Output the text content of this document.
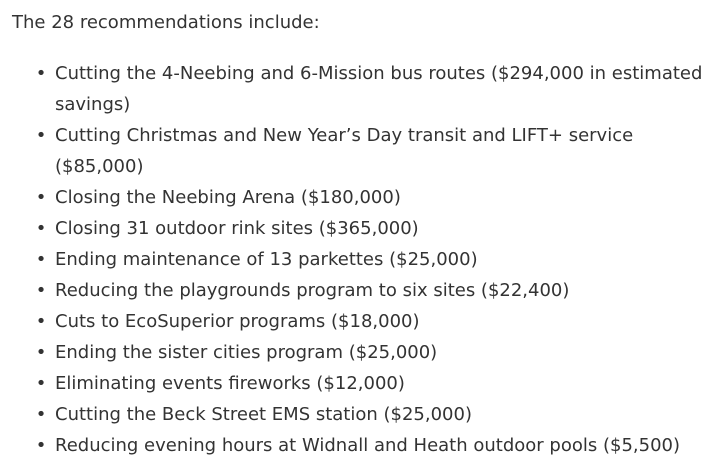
The 28 recommendations include:

•
Cutting the 4-Neebing and 6-Mission bus routes ($294,000 in estimated savings)
•
Cutting Christmas and New Year’s Day transit and LIFT+ service ($85,000)
•
Closing the Neebing Arena ($180,000)
•
Closing 31 outdoor rink sites ($365,000)
•
Ending maintenance of 13 parkettes ($25,000)
•
Reducing the playgrounds program to six sites ($22,400)
•
Cuts to EcoSuperior programs ($18,000)
•
Ending the sister cities program ($25,000)
•
Eliminating events fireworks ($12,000)
•
Cutting the Beck Street EMS station ($25,000)
•
Reducing evening hours at Widnall and Heath outdoor pools ($5,500)
